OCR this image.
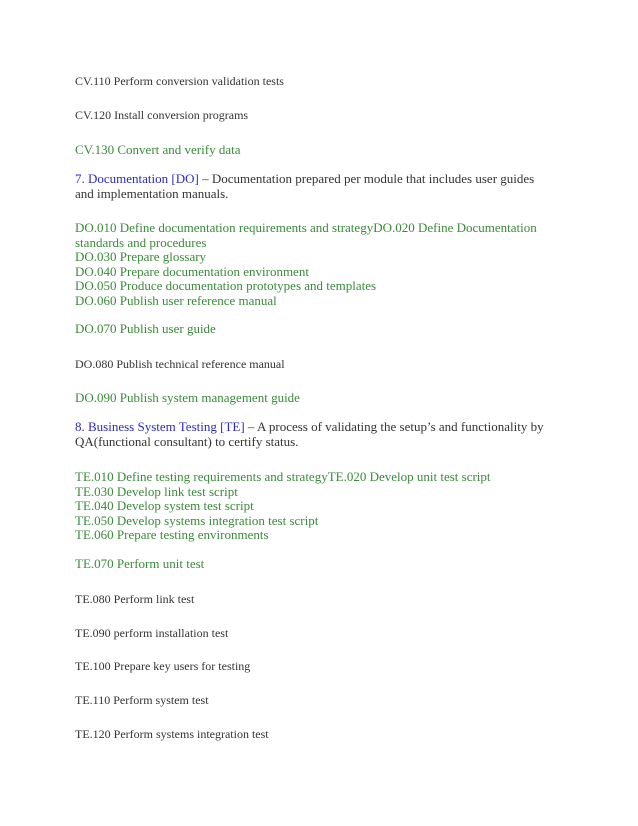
CV.110 Perform conversion validation tests
CV.120 Install conversion programs
CV.130 Convert and verify data
7. Documentation [DO] – Documentation prepared per module that includes user guides and implementation manuals.
DO.010 Define documentation requirements and strategyDO.020 Define Documentation standards and procedures
DO.030 Prepare glossary
DO.040 Prepare documentation environment
DO.050 Produce documentation prototypes and templates
DO.060 Publish user reference manual
DO.070 Publish user guide
DO.080 Publish technical reference manual
DO.090 Publish system management guide
8. Business System Testing [TE] – A process of validating the setup’s and functionality by QA(functional consultant) to certify status.
TE.010 Define testing requirements and strategyTE.020 Develop unit test script
TE.030 Develop link test script
TE.040 Develop system test script
TE.050 Develop systems integration test script
TE.060 Prepare testing environments
TE.070 Perform unit test
TE.080 Perform link test
TE.090 perform installation test
TE.100 Prepare key users for testing
TE.110 Perform system test
TE.120 Perform systems integration test
